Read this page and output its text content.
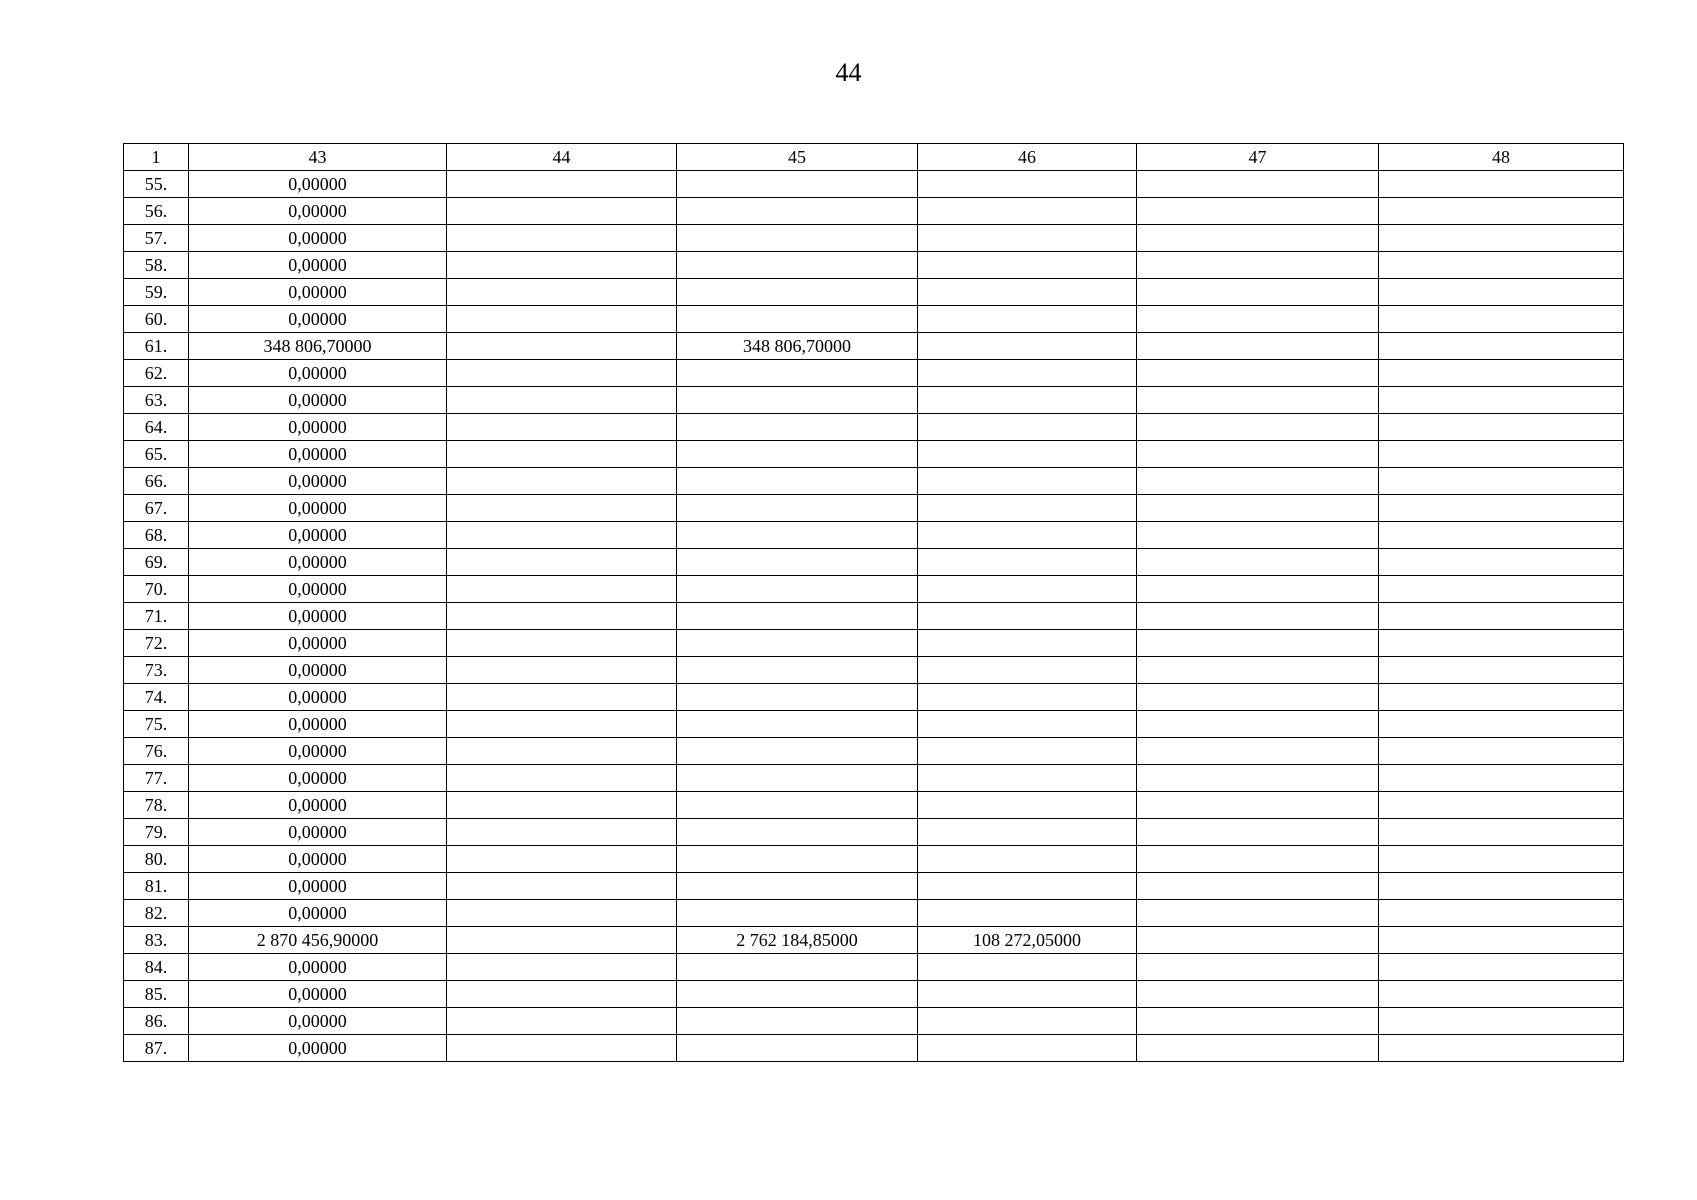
44
1	43	44	45	46	47	48
55.	0,00000					
56.	0,00000					
57.	0,00000					
58.	0,00000					
59.	0,00000					
60.	0,00000					
61.	348 806,70000		348 806,70000			
62.	0,00000					
63.	0,00000					
64.	0,00000					
65.	0,00000					
66.	0,00000					
67.	0,00000					
68.	0,00000					
69.	0,00000					
70.	0,00000					
71.	0,00000					
72.	0,00000					
73.	0,00000					
74.	0,00000					
75.	0,00000					
76.	0,00000					
77.	0,00000					
78.	0,00000					
79.	0,00000					
80.	0,00000					
81.	0,00000					
82.	0,00000					
83.	2 870 456,90000		2 762 184,85000	108 272,05000		
84.	0,00000					
85.	0,00000					
86.	0,00000					
87.	0,00000					
